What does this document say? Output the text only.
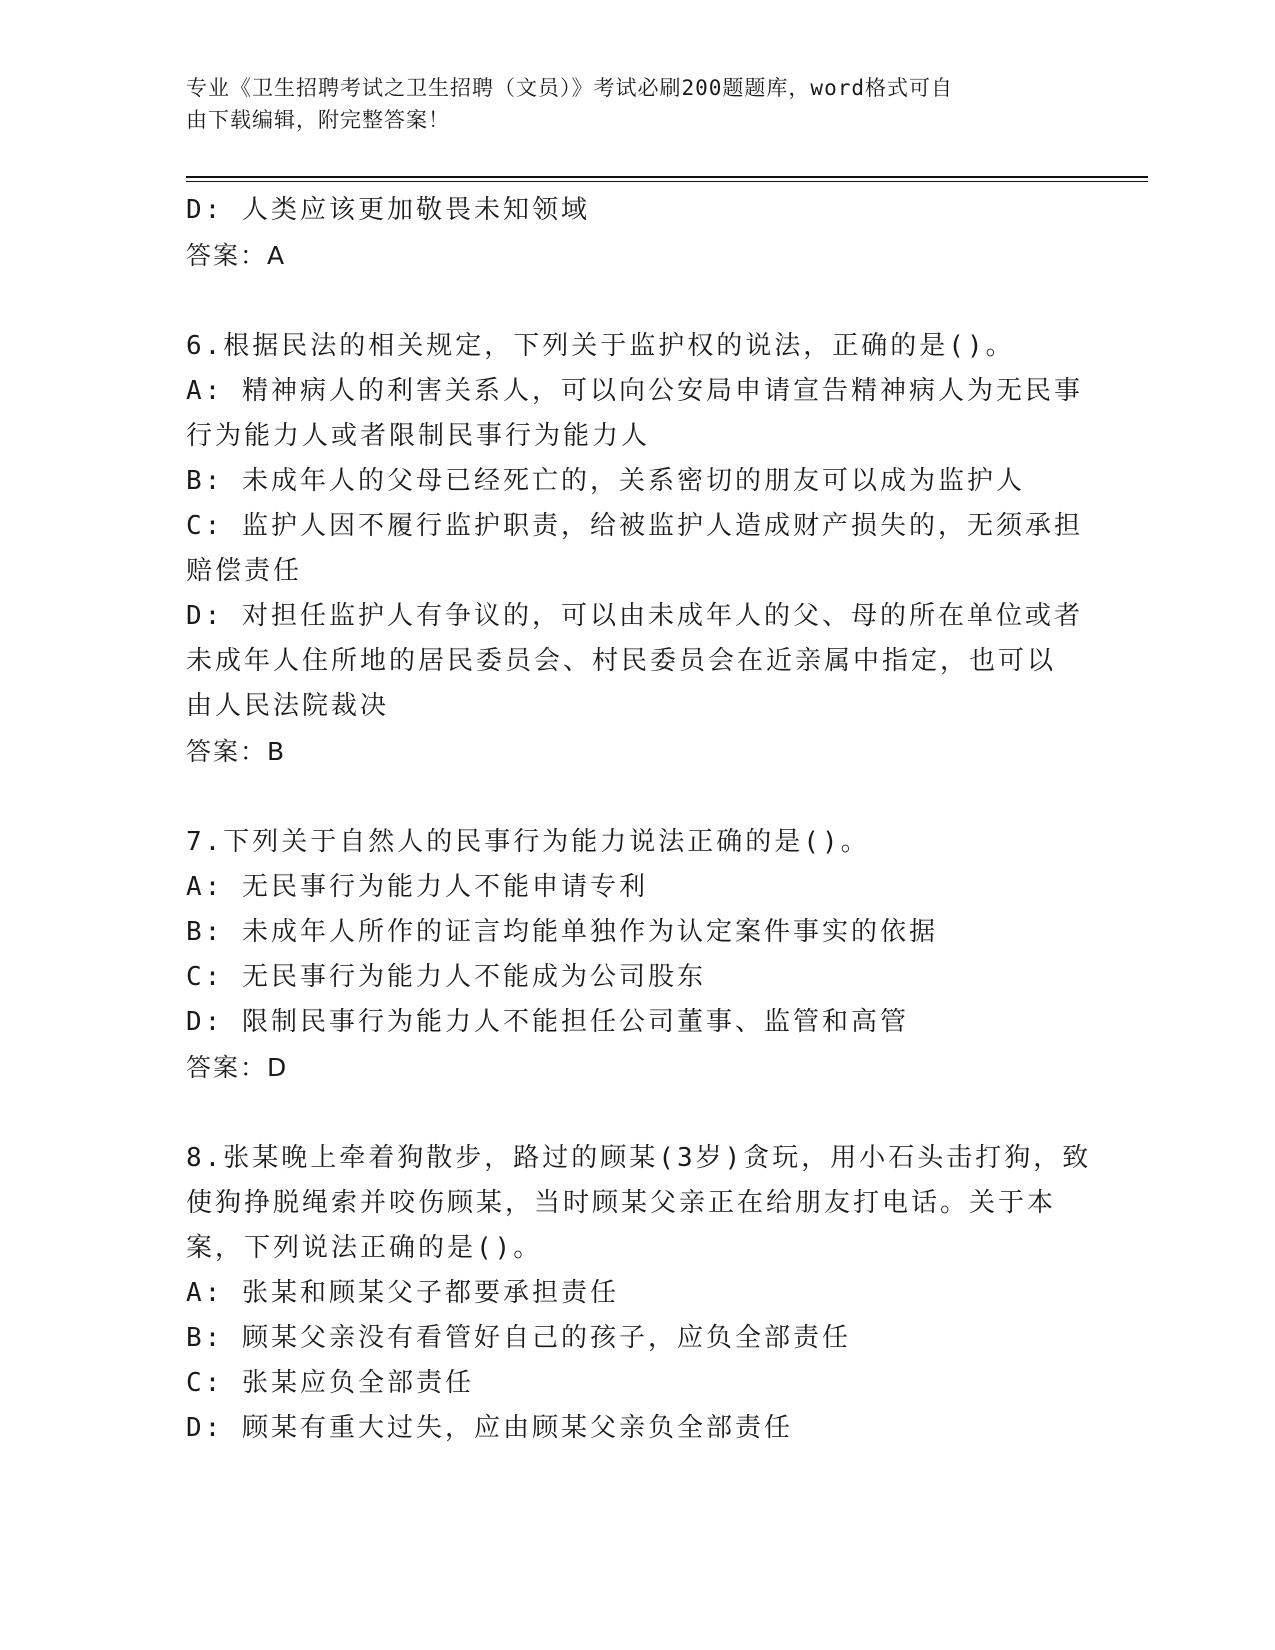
专业《卫生招聘考试之卫生招聘（文员）》考试必刷200题题库，word格式可自
由下载编辑，附完整答案！
D: 人类应该更加敬畏未知领域
答案：A
6.根据民法的相关规定，下列关于监护权的说法，正确的是()。
A: 精神病人的利害关系人，可以向公安局申请宣告精神病人为无民事
行为能力人或者限制民事行为能力人
B: 未成年人的父母已经死亡的，关系密切的朋友可以成为监护人
C: 监护人因不履行监护职责，给被监护人造成财产损失的，无须承担
赔偿责任
D: 对担任监护人有争议的，可以由未成年人的父、母的所在单位或者
未成年人住所地的居民委员会、村民委员会在近亲属中指定，也可以
由人民法院裁决
答案：B
7.下列关于自然人的民事行为能力说法正确的是()。
A: 无民事行为能力人不能申请专利
B: 未成年人所作的证言均能单独作为认定案件事实的依据
C: 无民事行为能力人不能成为公司股东
D: 限制民事行为能力人不能担任公司董事、监管和高管
答案：D
8.张某晚上牵着狗散步，路过的顾某(3岁)贪玩，用小石头击打狗，致
使狗挣脱绳索并咬伤顾某，当时顾某父亲正在给朋友打电话。关于本
案，下列说法正确的是()。
A: 张某和顾某父子都要承担责任
B: 顾某父亲没有看管好自己的孩子，应负全部责任
C: 张某应负全部责任
D: 顾某有重大过失，应由顾某父亲负全部责任
